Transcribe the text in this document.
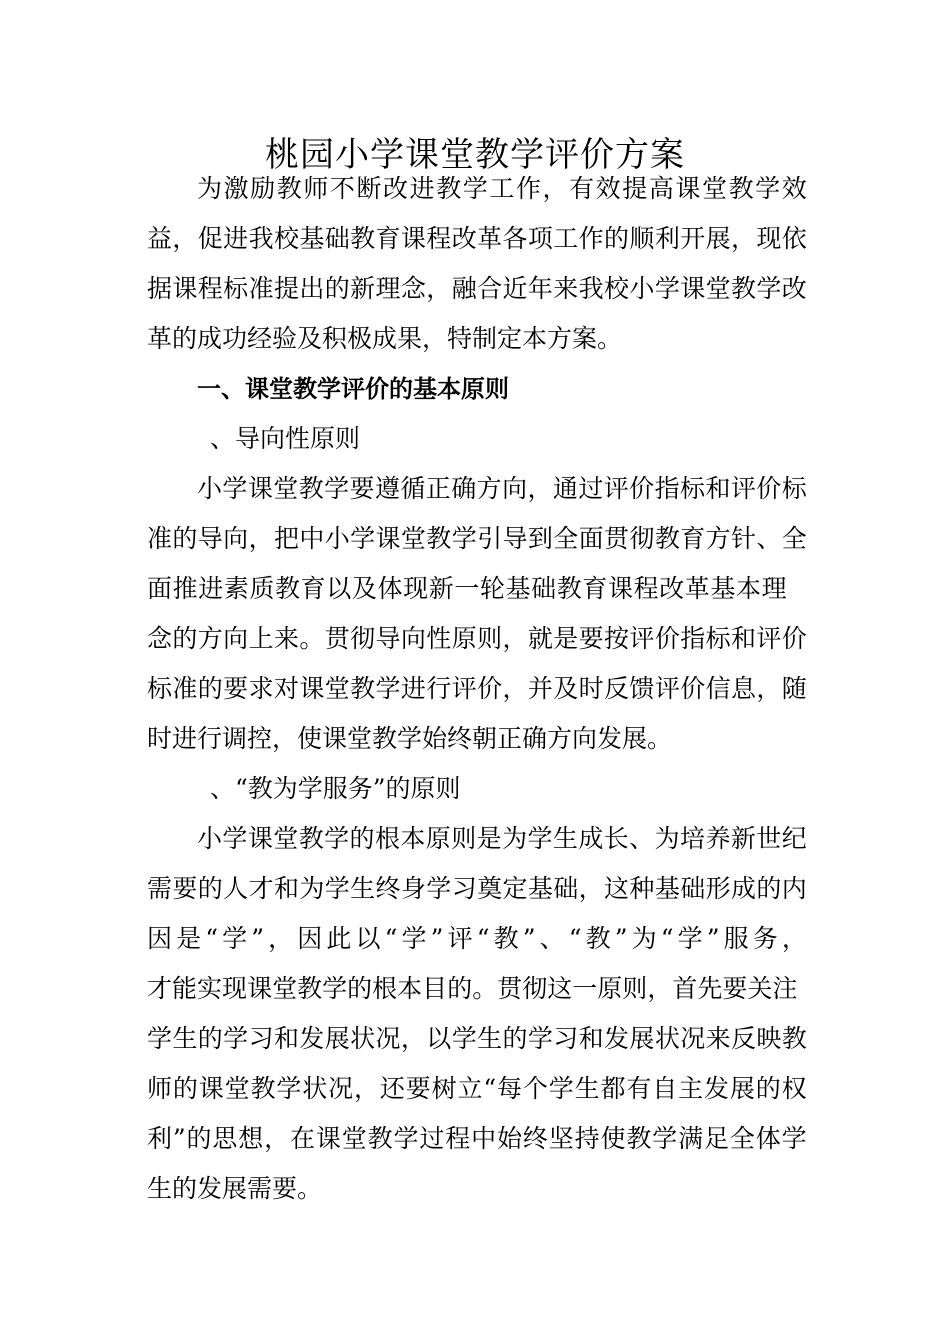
桃园小学课堂教学评价方案
为 激 励 教 师 不 断 改 进 教 学 工 作 ， 有 效 提 高 课 堂 教 学 效
益 ， 促 进 我 校 基 础 教 育 课 程 改 革 各 项 工 作 的 顺 利 开 展 ， 现 依
据 课 程 标 准 提 出 的 新 理 念 ， 融 合 近 年 来 我 校 小 学 课 堂 教 学 改
革的成功经验及积极成果，特制定本方案。
一、课堂教学评价的基本原则
、导向性原则
小 学 课 堂 教 学 要 遵 循 正 确 方 向 ， 通 过 评 价 指 标 和 评 价 标
准 的 导 向 ， 把 中 小 学 课 堂 教 学 引 导 到 全 面 贯 彻 教 育 方 针 、 全
面 推 进 素 质 教 育 以 及 体 现 新 一 轮 基 础 教 育 课 程 改 革 基 本 理
念 的 方 向 上 来 。 贯 彻 导 向 性 原 则 ， 就 是 要 按 评 价 指 标 和 评 价
标 准 的 要 求 对 课 堂 教 学 进 行 评 价 ， 并 及 时 反 馈 评 价 信 息 ， 随
时进行调控，使课堂教学始终朝正确方向发展。
、“教为学服务”的原则
小 学 课 堂 教 学 的 根 本 原 则 是 为 学 生 成 长 、 为 培 养 新 世 纪
需 要 的 人 才 和 为 学 生 终 身 学 习 奠 定 基 础 ， 这 种 基 础 形 成 的 内
因 是 “ 学 ” ， 因 此 以 “ 学 ” 评 “ 教 ” 、 “ 教 ” 为 “ 学 ” 服 务 ，
才 能 实 现 课 堂 教 学 的 根 本 目 的 。 贯 彻 这 一 原 则 ， 首 先 要 关 注
学 生 的 学 习 和 发 展 状 况 ， 以 学 生 的 学 习 和 发 展 状 况 来 反 映 教
师 的 课 堂 教 学 状 况 ， 还 要 树 立 “ 每 个 学 生 都 有 自 主 发 展 的 权
利 ” 的 思 想 ， 在 课 堂 教 学 过 程 中 始 终 坚 持 使 教 学 满 足 全 体 学
生的发展需要。
